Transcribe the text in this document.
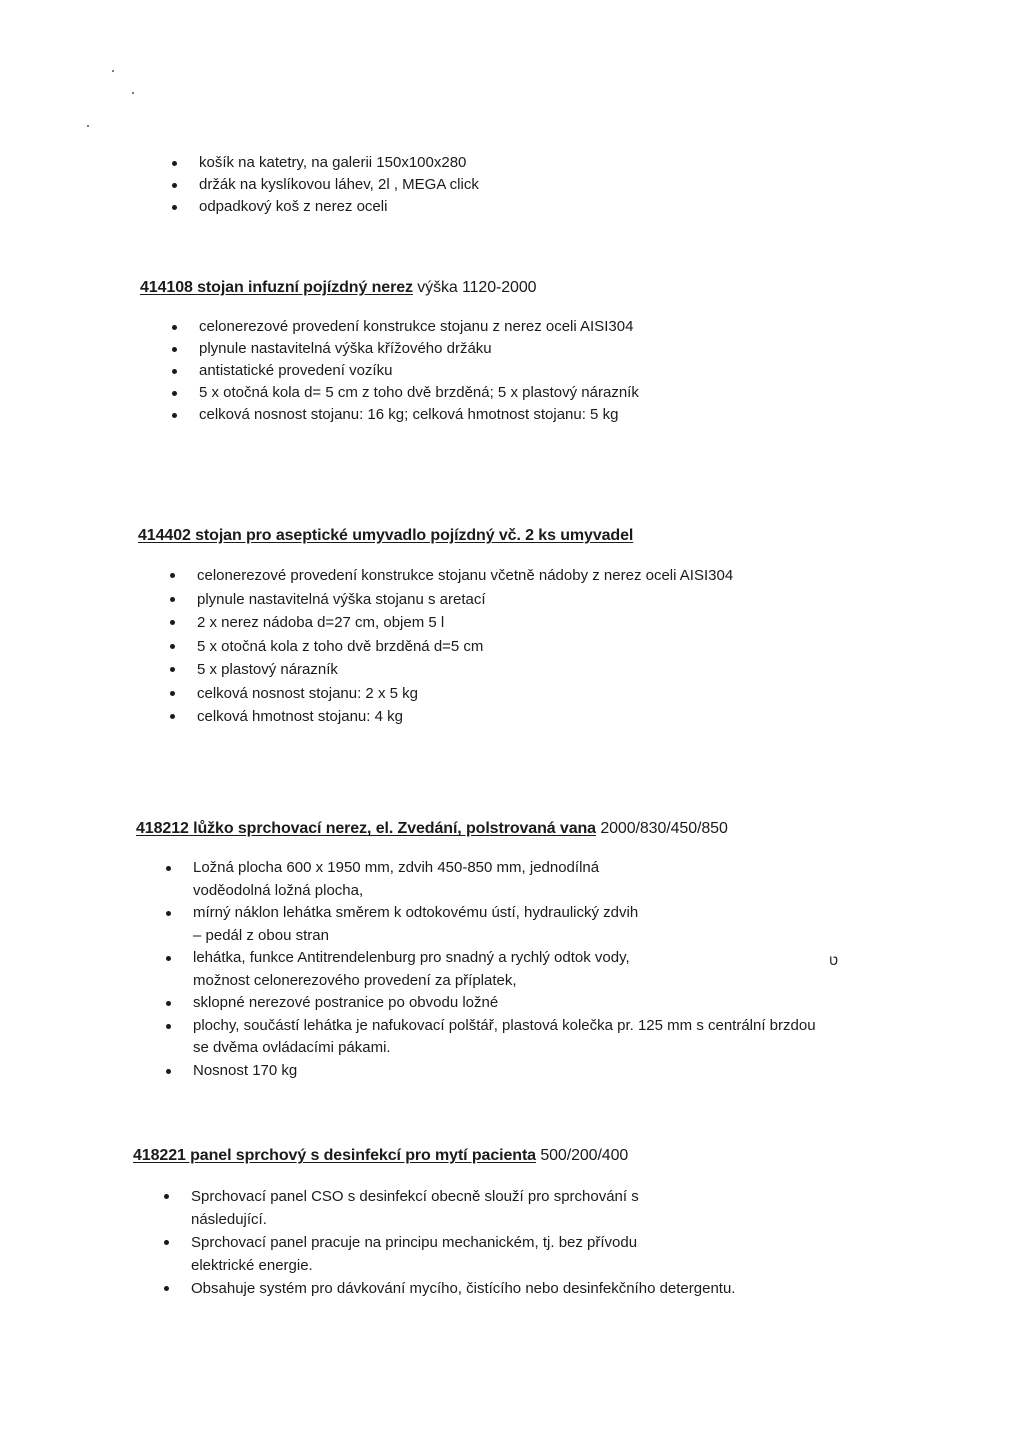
košík na katetry, na galerii 150x100x280
držák na kyslíkovou láhev, 2l , MEGA click
odpadkový koš z nerez oceli

414108 stojan infuzní pojízdný nerez výška 1120-2000

celonerezové provedení konstrukce stojanu z nerez oceli AISI304
plynule nastavitelná výška křížového držáku
antistatické provedení vozíku
5 x otočná kola d= 5 cm z toho dvě brzděná; 5 x plastový nárazník
celková nosnost stojanu: 16 kg; celková hmotnost stojanu: 5 kg

414402 stojan pro aseptické umyvadlo pojízdný vč. 2 ks umyvadel

celonerezové provedení konstrukce stojanu včetně nádoby z nerez oceli AISI304
plynule nastavitelná výška stojanu s aretací
2 x nerez nádoba d=27 cm, objem 5 l
5 x otočná kola z toho dvě brzděná d=5 cm
5 x plastový nárazník
celková nosnost stojanu: 2 x 5 kg
celková hmotnost stojanu: 4 kg

418212 lůžko sprchovací nerez, el. Zvedání, polstrovaná vana 2000/830/450/850

Ložná plocha 600 x 1950 mm, zdvih 450-850 mm, jednodílná
voděodolná ložná plocha,
mírný náklon lehátka směrem k odtokovému ústí, hydraulický zdvih
– pedál z obou stran
lehátka, funkce Antitrendelenburg pro snadný a rychlý odtok vody,
možnost celonerezového provedení za příplatek,
sklopné nerezové postranice po obvodu ložné
plochy, součástí lehátka je nafukovací polštář, plastová kolečka pr. 125 mm s centrální brzdou
se dvěma ovládacími pákami.
Nosnost 170 kg
ט

418221 panel sprchový s desinfekcí pro mytí pacienta 500/200/400

Sprchovací panel CSO s desinfekcí obecně slouží pro sprchování s
následující.
Sprchovací panel pracuje na principu mechanickém, tj. bez přívodu
elektrické energie.
Obsahuje systém pro dávkování mycího, čistícího nebo desinfekčního detergentu.
